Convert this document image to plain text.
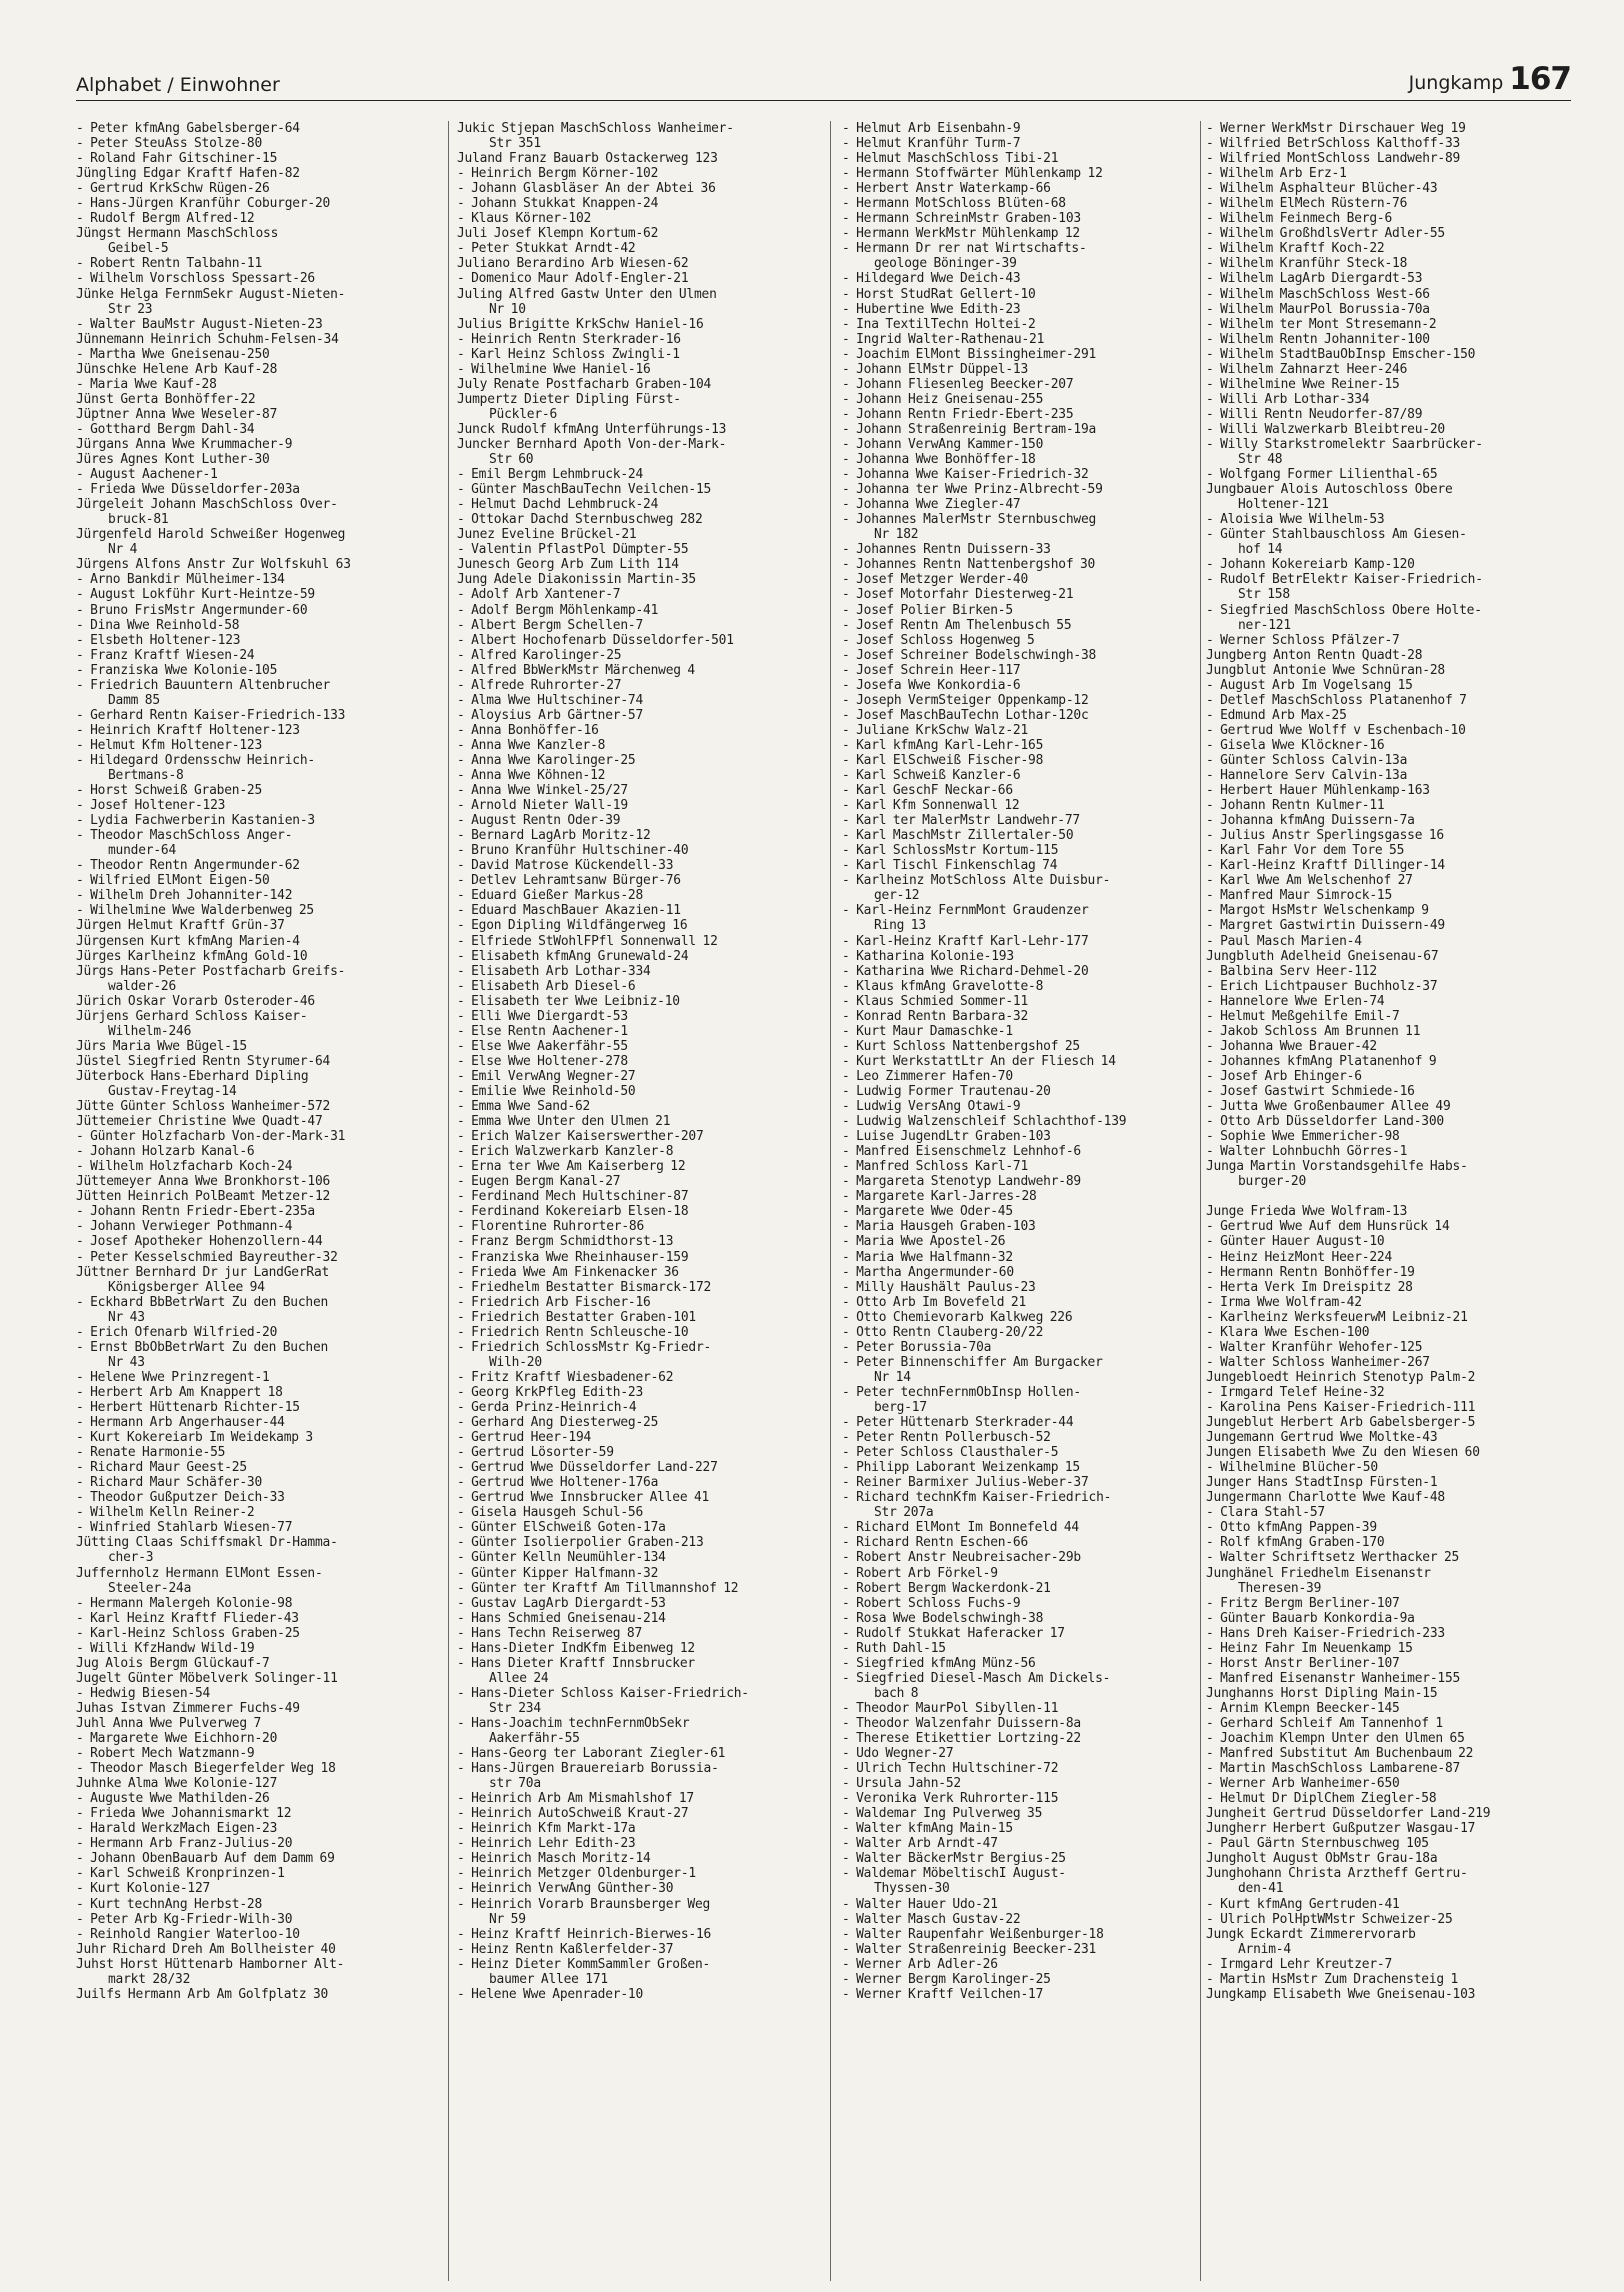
Alphabet / Einwohner	Jungkamp 167
- Peter kfmAng Gabelsberger-64
- Peter SteuAss Stolze-80
- Roland Fahr Gitschiner-15
Jüngling Edgar Kraftf Hafen-82
- Gertrud KrkSchw Rügen-26
- Hans-Jürgen Kranführ Coburger-20
- Rudolf Bergm Alfred-12
Jüngst Hermann MaschSchloss
Geibel-5
- Robert Rentn Talbahn-11
- Wilhelm Vorschloss Spessart-26
Jünke Helga FernmSekr August-Nieten-
Str 23
- Walter BauMstr August-Nieten-23
Jünnemann Heinrich Schuhm-Felsen-34
- Martha Wwe Gneisenau-250
Jünschke Helene Arb Kauf-28
- Maria Wwe Kauf-28
Jünst Gerta Bonhöffer-22
Jüptner Anna Wwe Weseler-87
- Gotthard Bergm Dahl-34
Jürgans Anna Wwe Krummacher-9
Jüres Agnes Kont Luther-30
- August Aachener-1
- Frieda Wwe Düsseldorfer-203a
Jürgeleit Johann MaschSchloss Over-
bruck-81
Jürgenfeld Harold Schweißer Hogenweg
Nr 4
Jürgens Alfons Anstr Zur Wolfskuhl 63
- Arno Bankdir Mülheimer-134
- August Lokführ Kurt-Heintze-59
- Bruno FrisMstr Angermunder-60
- Dina Wwe Reinhold-58
- Elsbeth Holtener-123
- Franz Kraftf Wiesen-24
- Franziska Wwe Kolonie-105
- Friedrich Bauuntern Altenbrucher
Damm 85
- Gerhard Rentn Kaiser-Friedrich-133
- Heinrich Kraftf Holtener-123
- Helmut Kfm Holtener-123
- Hildegard Ordensschw Heinrich-
Bertmans-8
- Horst Schweiß Graben-25
- Josef Holtener-123
- Lydia Fachwerberin Kastanien-3
- Theodor MaschSchloss Anger-
munder-64
- Theodor Rentn Angermunder-62
- Wilfried ElMont Eigen-50
- Wilhelm Dreh Johanniter-142
- Wilhelmine Wwe Walderbenweg 25
Jürgen Helmut Kraftf Grün-37
Jürgensen Kurt kfmAng Marien-4
Jürges Karlheinz kfmAng Gold-10
Jürgs Hans-Peter Postfacharb Greifs-
walder-26
Jürich Oskar Vorarb Osteroder-46
Jürjens Gerhard Schloss Kaiser-
Wilhelm-246
Jürs Maria Wwe Bügel-15
Jüstel Siegfried Rentn Styrumer-64
Jüterbock Hans-Eberhard Dipling
Gustav-Freytag-14
Jütte Günter Schloss Wanheimer-572
Jüttemeier Christine Wwe Quadt-47
- Günter Holzfacharb Von-der-Mark-31
- Johann Holzarb Kanal-6
- Wilhelm Holzfacharb Koch-24
Jüttemeyer Anna Wwe Bronkhorst-106
Jütten Heinrich PolBeamt Metzer-12
- Johann Rentn Friedr-Ebert-235a
- Johann Verwieger Pothmann-4
- Josef Apotheker Hohenzollern-44
- Peter Kesselschmied Bayreuther-32
Jüttner Bernhard Dr jur LandGerRat
Königsberger Allee 94
- Eckhard BbBetrWart Zu den Buchen
Nr 43
- Erich Ofenarb Wilfried-20
- Ernst BbObBetrWart Zu den Buchen
Nr 43
- Helene Wwe Prinzregent-1
- Herbert Arb Am Knappert 18
- Herbert Hüttenarb Richter-15
- Hermann Arb Angerhauser-44
- Kurt Kokereiarb Im Weidekamp 3
- Renate Harmonie-55
- Richard Maur Geest-25
- Richard Maur Schäfer-30
- Theodor Gußputzer Deich-33
- Wilhelm Kelln Reiner-2
- Winfried Stahlarb Wiesen-77
Jütting Claas Schiffsmakl Dr-Hamma-
cher-3
Juffernholz Hermann ElMont Essen-
Steeler-24a
- Hermann Malergeh Kolonie-98
- Karl Heinz Kraftf Flieder-43
- Karl-Heinz Schloss Graben-25
- Willi KfzHandw Wild-19
Jug Alois Bergm Glückauf-7
Jugelt Günter Möbelverk Solinger-11
- Hedwig Biesen-54
Juhas Istvan Zimmerer Fuchs-49
Juhl Anna Wwe Pulverweg 7
- Margarete Wwe Eichhorn-20
- Robert Mech Watzmann-9
- Theodor Masch Biegerfelder Weg 18
Juhnke Alma Wwe Kolonie-127
- Auguste Wwe Mathilden-26
- Frieda Wwe Johannismarkt 12
- Harald WerkzMach Eigen-23
- Hermann Arb Franz-Julius-20
- Johann ObenBauarb Auf dem Damm 69
- Karl Schweiß Kronprinzen-1
- Kurt Kolonie-127
- Kurt technAng Herbst-28
- Peter Arb Kg-Friedr-Wilh-30
- Reinhold Rangier Waterloo-10
Juhr Richard Dreh Am Bollheister 40
Juhst Horst Hüttenarb Hamborner Alt-
markt 28/32
Juilfs Hermann Arb Am Golfplatz 30
Jukic Stjepan MaschSchloss Wanheimer-
Str 351
Juland Franz Bauarb Ostackerweg 123
- Heinrich Bergm Körner-102
- Johann Glasbläser An der Abtei 36
- Johann Stukkat Knappen-24
- Klaus Körner-102
Juli Josef Klempn Kortum-62
- Peter Stukkat Arndt-42
Juliano Berardino Arb Wiesen-62
- Domenico Maur Adolf-Engler-21
Juling Alfred Gastw Unter den Ulmen
Nr 10
Julius Brigitte KrkSchw Haniel-16
- Heinrich Rentn Sterkrader-16
- Karl Heinz Schloss Zwingli-1
- Wilhelmine Wwe Haniel-16
July Renate Postfacharb Graben-104
Jumpertz Dieter Dipling Fürst-
Pückler-6
Junck Rudolf kfmAng Unterführungs-13
Juncker Bernhard Apoth Von-der-Mark-
Str 60
- Emil Bergm Lehmbruck-24
- Günter MaschBauTechn Veilchen-15
- Helmut Dachd Lehmbruck-24
- Ottokar Dachd Sternbuschweg 282
Junez Eveline Brückel-21
- Valentin PflastPol Dümpter-55
Junesch Georg Arb Zum Lith 114
Jung Adele Diakonissin Martin-35
- Adolf Arb Xantener-7
- Adolf Bergm Möhlenkamp-41
- Albert Bergm Schellen-7
- Albert Hochofenarb Düsseldorfer-501
- Alfred Karolinger-25
- Alfred BbWerkMstr Märchenweg 4
- Alfrede Ruhrorter-27
- Alma Wwe Hultschiner-74
- Aloysius Arb Gärtner-57
- Anna Bonhöffer-16
- Anna Wwe Kanzler-8
- Anna Wwe Karolinger-25
- Anna Wwe Köhnen-12
- Anna Wwe Winkel-25/27
- Arnold Nieter Wall-19
- August Rentn Oder-39
- Bernard LagArb Moritz-12
- Bruno Kranführ Hultschiner-40
- David Matrose Kückendell-33
- Detlev Lehramtsanw Bürger-76
- Eduard Gießer Markus-28
- Eduard MaschBauer Akazien-11
- Egon Dipling Wildfängerweg 16
- Elfriede StWohlFPfl Sonnenwall 12
- Elisabeth kfmAng Grunewald-24
- Elisabeth Arb Lothar-334
- Elisabeth Arb Diesel-6
- Elisabeth ter Wwe Leibniz-10
- Elli Wwe Diergardt-53
- Else Rentn Aachener-1
- Else Wwe Aakerfähr-55
- Else Wwe Holtener-278
- Emil VerwAng Wegner-27
- Emilie Wwe Reinhold-50
- Emma Wwe Sand-62
- Emma Wwe Unter den Ulmen 21
- Erich Walzer Kaiserswerther-207
- Erich Walzwerkarb Kanzler-8
- Erna ter Wwe Am Kaiserberg 12
- Eugen Bergm Kanal-27
- Ferdinand Mech Hultschiner-87
- Ferdinand Kokereiarb Elsen-18
- Florentine Ruhrorter-86
- Franz Bergm Schmidthorst-13
- Franziska Wwe Rheinhauser-159
- Frieda Wwe Am Finkenacker 36
- Friedhelm Bestatter Bismarck-172
- Friedrich Arb Fischer-16
- Friedrich Bestatter Graben-101
- Friedrich Rentn Schleusche-10
- Friedrich SchlossMstr Kg-Friedr-
Wilh-20
- Fritz Kraftf Wiesbadener-62
- Georg KrkPfleg Edith-23
- Gerda Prinz-Heinrich-4
- Gerhard Ang Diesterweg-25
- Gertrud Heer-194
- Gertrud Lösorter-59
- Gertrud Wwe Düsseldorfer Land-227
- Gertrud Wwe Holtener-176a
- Gertrud Wwe Innsbrucker Allee 41
- Gisela Hausgeh Schul-56
- Günter ElSchweiß Goten-17a
- Günter Isolierpolier Graben-213
- Günter Kelln Neumühler-134
- Günter Kipper Halfmann-32
- Günter ter Kraftf Am Tillmannshof 12
- Gustav LagArb Diergardt-53
- Hans Schmied Gneisenau-214
- Hans Techn Reiserweg 87
- Hans-Dieter IndKfm Eibenweg 12
- Hans Dieter Kraftf Innsbrucker
Allee 24
- Hans-Dieter Schloss Kaiser-Friedrich-
Str 234
- Hans-Joachim technFernmObSekr
Aakerfähr-55
- Hans-Georg ter Laborant Ziegler-61
- Hans-Jürgen Brauereiarb Borussia-
str 70a
- Heinrich Arb Am Mismahlshof 17
- Heinrich AutoSchweiß Kraut-27
- Heinrich Kfm Markt-17a
- Heinrich Lehr Edith-23
- Heinrich Masch Moritz-14
- Heinrich Metzger Oldenburger-1
- Heinrich VerwAng Günther-30
- Heinrich Vorarb Braunsberger Weg
Nr 59
- Heinz Kraftf Heinrich-Bierwes-16
- Heinz Rentn Kaßlerfelder-37
- Heinz Dieter KommSammler Großen-
baumer Allee 171
- Helene Wwe Apenrader-10
- Helmut Arb Eisenbahn-9
- Helmut Kranführ Turm-7
- Helmut MaschSchloss Tibi-21
- Hermann Stoffwärter Mühlenkamp 12
- Herbert Anstr Waterkamp-66
- Hermann MotSchloss Blüten-68
- Hermann SchreinMstr Graben-103
- Hermann WerkMstr Mühlenkamp 12
- Hermann Dr rer nat Wirtschafts-
geologe Böninger-39
- Hildegard Wwe Deich-43
- Horst StudRat Gellert-10
- Hubertine Wwe Edith-23
- Ina TextilTechn Holtei-2
- Ingrid Walter-Rathenau-21
- Joachim ElMont Bissingheimer-291
- Johann ElMstr Düppel-13
- Johann Fliesenleg Beecker-207
- Johann Heiz Gneisenau-255
- Johann Rentn Friedr-Ebert-235
- Johann Straßenreinig Bertram-19a
- Johann VerwAng Kammer-150
- Johanna Wwe Bonhöffer-18
- Johanna Wwe Kaiser-Friedrich-32
- Johanna ter Wwe Prinz-Albrecht-59
- Johanna Wwe Ziegler-47
- Johannes MalerMstr Sternbuschweg
Nr 182
- Johannes Rentn Duissern-33
- Johannes Rentn Nattenbergshof 30
- Josef Metzger Werder-40
- Josef Motorfahr Diesterweg-21
- Josef Polier Birken-5
- Josef Rentn Am Thelenbusch 55
- Josef Schloss Hogenweg 5
- Josef Schreiner Bodelschwingh-38
- Josef Schrein Heer-117
- Josefa Wwe Konkordia-6
- Joseph VermSteiger Oppenkamp-12
- Josef MaschBauTechn Lothar-120c
- Juliane KrkSchw Walz-21
- Karl kfmAng Karl-Lehr-165
- Karl ElSchweiß Fischer-98
- Karl Schweiß Kanzler-6
- Karl GeschF Neckar-66
- Karl Kfm Sonnenwall 12
- Karl ter MalerMstr Landwehr-77
- Karl MaschMstr Zillertaler-50
- Karl SchlossMstr Kortum-115
- Karl Tischl Finkenschlag 74
- Karlheinz MotSchloss Alte Duisbur-
ger-12
- Karl-Heinz FernmMont Graudenzer
Ring 13
- Karl-Heinz Kraftf Karl-Lehr-177
- Katharina Kolonie-193
- Katharina Wwe Richard-Dehmel-20
- Klaus kfmAng Gravelotte-8
- Klaus Schmied Sommer-11
- Konrad Rentn Barbara-32
- Kurt Maur Damaschke-1
- Kurt Schloss Nattenbergshof 25
- Kurt WerkstattLtr An der Fliesch 14
- Leo Zimmerer Hafen-70
- Ludwig Former Trautenau-20
- Ludwig VersAng Otawi-9
- Ludwig Walzenschleif Schlachthof-139
- Luise JugendLtr Graben-103
- Manfred Eisenschmelz Lehnhof-6
- Manfred Schloss Karl-71
- Margareta Stenotyp Landwehr-89
- Margarete Karl-Jarres-28
- Margarete Wwe Oder-45
- Maria Hausgeh Graben-103
- Maria Wwe Apostel-26
- Maria Wwe Halfmann-32
- Martha Angermunder-60
- Milly Haushält Paulus-23
- Otto Arb Im Bovefeld 21
- Otto Chemievorarb Kalkweg 226
- Otto Rentn Clauberg-20/22
- Peter Borussia-70a
- Peter Binnenschiffer Am Burgacker
Nr 14
- Peter technFernmObInsp Hollen-
berg-17
- Peter Hüttenarb Sterkrader-44
- Peter Rentn Pollerbusch-52
- Peter Schloss Clausthaler-5
- Philipp Laborant Weizenkamp 15
- Reiner Barmixer Julius-Weber-37
- Richard technKfm Kaiser-Friedrich-
Str 207a
- Richard ElMont Im Bonnefeld 44
- Richard Rentn Eschen-66
- Robert Anstr Neubreisacher-29b
- Robert Arb Förkel-9
- Robert Bergm Wackerdonk-21
- Robert Schloss Fuchs-9
- Rosa Wwe Bodelschwingh-38
- Rudolf Stukkat Haferacker 17
- Ruth Dahl-15
- Siegfried kfmAng Münz-56
- Siegfried Diesel-Masch Am Dickels-
bach 8
- Theodor MaurPol Sibyllen-11
- Theodor Walzenfahr Duissern-8a
- Therese Etikettier Lortzing-22
- Udo Wegner-27
- Ulrich Techn Hultschiner-72
- Ursula Jahn-52
- Veronika Verk Ruhrorter-115
- Waldemar Ing Pulverweg 35
- Walter kfmAng Main-15
- Walter Arb Arndt-47
- Walter BäckerMstr Bergius-25
- Waldemar MöbeltischI August-
Thyssen-30
- Walter Hauer Udo-21
- Walter Masch Gustav-22
- Walter Raupenfahr Weißenburger-18
- Walter Straßenreinig Beecker-231
- Werner Arb Adler-26
- Werner Bergm Karolinger-25
- Werner Kraftf Veilchen-17
- Werner WerkMstr Dirschauer Weg 19
- Wilfried BetrSchloss Kalthoff-33
- Wilfried MontSchloss Landwehr-89
- Wilhelm Arb Erz-1
- Wilhelm Asphalteur Blücher-43
- Wilhelm ElMech Rüstern-76
- Wilhelm Feinmech Berg-6
- Wilhelm GroßhdlsVertr Adler-55
- Wilhelm Kraftf Koch-22
- Wilhelm Kranführ Steck-18
- Wilhelm LagArb Diergardt-53
- Wilhelm MaschSchloss West-66
- Wilhelm MaurPol Borussia-70a
- Wilhelm ter Mont Stresemann-2
- Wilhelm Rentn Johanniter-100
- Wilhelm StadtBauObInsp Emscher-150
- Wilhelm Zahnarzt Heer-246
- Wilhelmine Wwe Reiner-15
- Willi Arb Lothar-334
- Willi Rentn Neudorfer-87/89
- Willi Walzwerkarb Bleibtreu-20
- Willy Starkstromelektr Saarbrücker-
Str 48
- Wolfgang Former Lilienthal-65
Jungbauer Alois Autoschloss Obere
Holtener-121
- Aloisia Wwe Wilhelm-53
- Günter Stahlbauschloss Am Giesen-
hof 14
- Johann Kokereiarb Kamp-120
- Rudolf BetrElektr Kaiser-Friedrich-
Str 158
- Siegfried MaschSchloss Obere Holte-
ner-121
- Werner Schloss Pfälzer-7
Jungberg Anton Rentn Quadt-28
Jungblut Antonie Wwe Schnüran-28
- August Arb Im Vogelsang 15
- Detlef MaschSchloss Platanenhof 7
- Edmund Arb Max-25
- Gertrud Wwe Wolff v Eschenbach-10
- Gisela Wwe Klöckner-16
- Günter Schloss Calvin-13a
- Hannelore Serv Calvin-13a
- Herbert Hauer Mühlenkamp-163
- Johann Rentn Kulmer-11
- Johanna kfmAng Duissern-7a
- Julius Anstr Sperlingsgasse 16
- Karl Fahr Vor dem Tore 55
- Karl-Heinz Kraftf Dillinger-14
- Karl Wwe Am Welschenhof 27
- Manfred Maur Simrock-15
- Margot HsMstr Welschenkamp 9
- Margret Gastwirtin Duissern-49
- Paul Masch Marien-4
Jungbluth Adelheid Gneisenau-67
- Balbina Serv Heer-112
- Erich Lichtpauser Buchholz-37
- Hannelore Wwe Erlen-74
- Helmut Meßgehilfe Emil-7
- Jakob Schloss Am Brunnen 11
- Johanna Wwe Brauer-42
- Johannes kfmAng Platanenhof 9
- Josef Arb Ehinger-6
- Josef Gastwirt Schmiede-16
- Jutta Wwe Großenbaumer Allee 49
- Otto Arb Düsseldorfer Land-300
- Sophie Wwe Emmericher-98
- Walter Lohnbuchh Görres-1
Junga Martin Vorstandsgehilfe Habs-
burger-20
Junge Frieda Wwe Wolfram-13
- Gertrud Wwe Auf dem Hunsrück 14
- Günter Hauer August-10
- Heinz HeizMont Heer-224
- Hermann Rentn Bonhöffer-19
- Herta Verk Im Dreispitz 28
- Irma Wwe Wolfram-42
- Karlheinz WerksfeuerwM Leibniz-21
- Klara Wwe Eschen-100
- Walter Kranführ Wehofer-125
- Walter Schloss Wanheimer-267
Jungebloedt Heinrich Stenotyp Palm-2
- Irmgard Telef Heine-32
- Karolina Pens Kaiser-Friedrich-111
Jungeblut Herbert Arb Gabelsberger-5
Jungemann Gertrud Wwe Moltke-43
Jungen Elisabeth Wwe Zu den Wiesen 60
- Wilhelmine Blücher-50
Junger Hans StadtInsp Fürsten-1
Jungermann Charlotte Wwe Kauf-48
- Clara Stahl-57
- Otto kfmAng Pappen-39
- Rolf kfmAng Graben-170
- Walter Schriftsetz Werthacker 25
Junghänel Friedhelm Eisenanstr
Theresen-39
- Fritz Bergm Berliner-107
- Günter Bauarb Konkordia-9a
- Hans Dreh Kaiser-Friedrich-233
- Heinz Fahr Im Neuenkamp 15
- Horst Anstr Berliner-107
- Manfred Eisenanstr Wanheimer-155
Junghanns Horst Dipling Main-15
- Arnim Klempn Beecker-145
- Gerhard Schleif Am Tannenhof 1
- Joachim Klempn Unter den Ulmen 65
- Manfred Substitut Am Buchenbaum 22
- Martin MaschSchloss Lambarene-87
- Werner Arb Wanheimer-650
- Helmut Dr DiplChem Ziegler-58
Jungheit Gertrud Düsseldorfer Land-219
Jungherr Herbert Gußputzer Wasgau-17
- Paul Gärtn Sternbuschweg 105
Jungholt August ObMstr Grau-18a
Junghohann Christa Arztheff Gertru-
den-41
- Kurt kfmAng Gertruden-41
- Ulrich PolHptWMstr Schweizer-25
Jungk Eckardt Zimmerervorarb
Arnim-4
- Irmgard Lehr Kreutzer-7
- Martin HsMstr Zum Drachensteig 1
Jungkamp Elisabeth Wwe Gneisenau-103
